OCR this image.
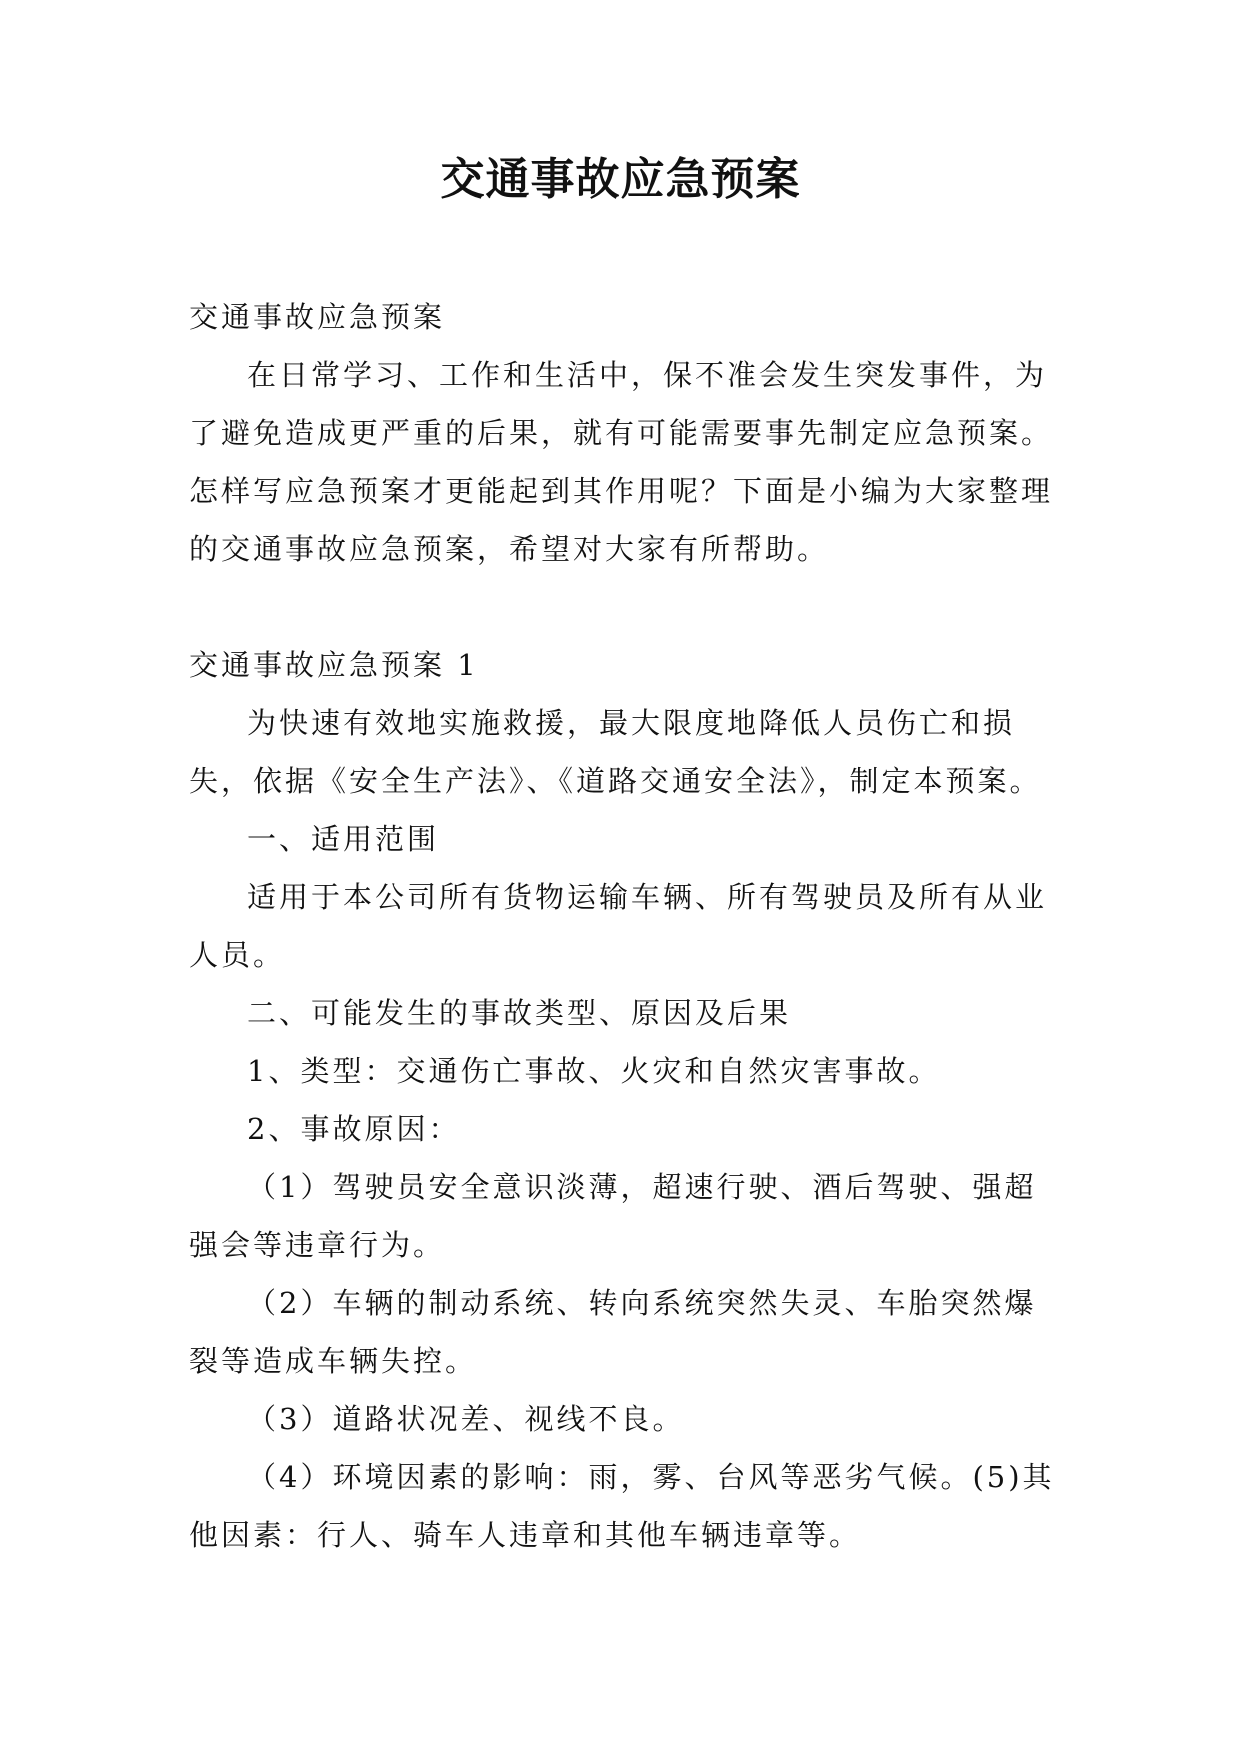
交通事故应急预案

交通事故应急预案

在日常学习、工作和生活中，保不准会发生突发事件，为了避免造成更严重的后果，就有可能需要事先制定应急预案。怎样写应急预案才更能起到其作用呢？下面是小编为大家整理的交通事故应急预案，希望对大家有所帮助。

交通事故应急预案 1

为快速有效地实施救援，最大限度地降低人员伤亡和损失，依据《安全生产法》、《道路交通安全法》，制定本预案。

一、适用范围

适用于本公司所有货物运输车辆、所有驾驶员及所有从业人员。

二、可能发生的事故类型、原因及后果

1、类型：交通伤亡事故、火灾和自然灾害事故。

2、事故原因：

（1）驾驶员安全意识淡薄，超速行驶、酒后驾驶、强超强会等违章行为。

（2）车辆的制动系统、转向系统突然失灵、车胎突然爆裂等造成车辆失控。

（3）道路状况差、视线不良。

（4）环境因素的影响：雨，雾、台风等恶劣气候。(5)其他因素：行人、骑车人违章和其他车辆违章等。
